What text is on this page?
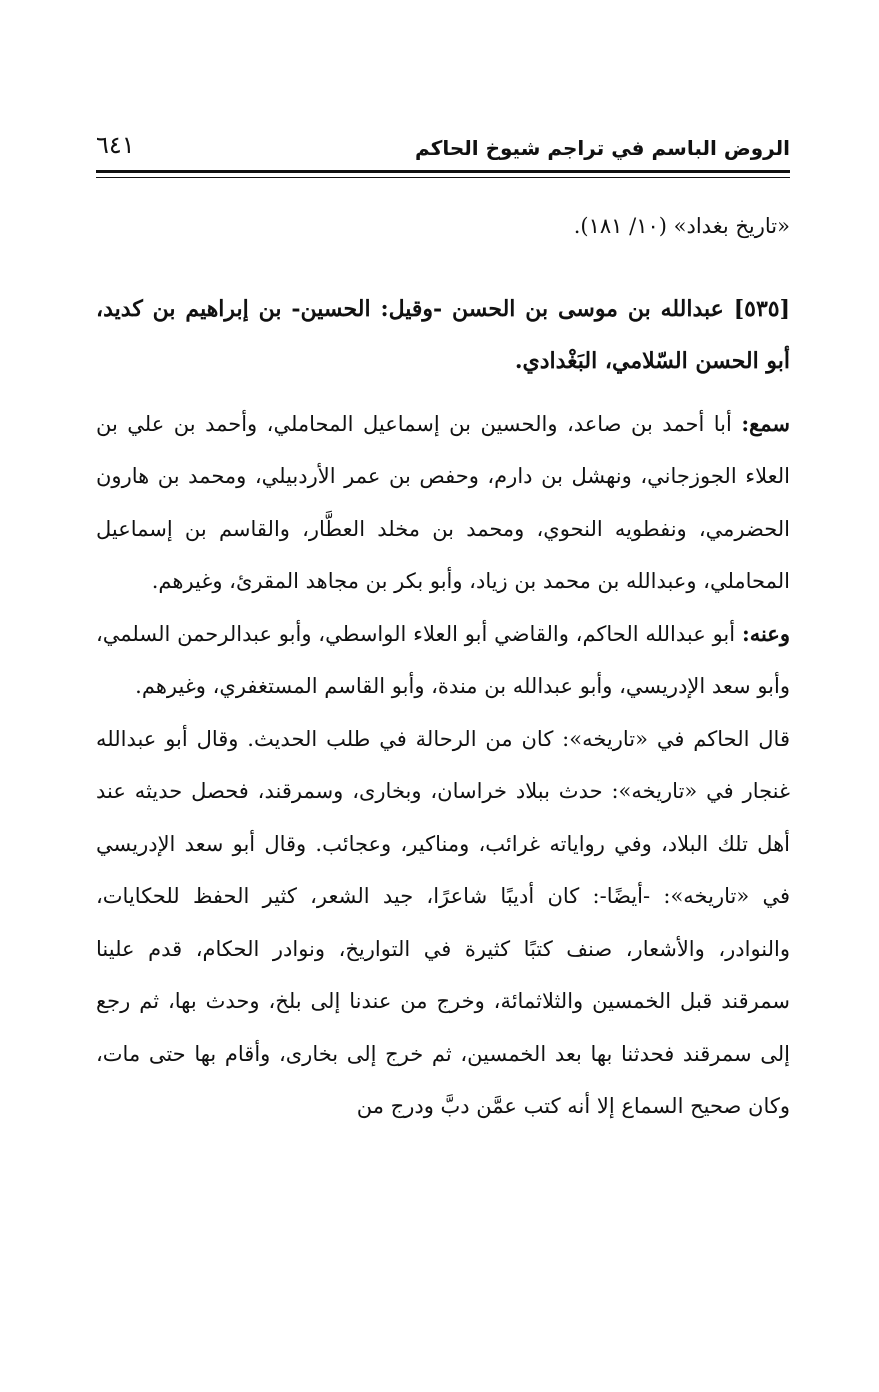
الروض الباسم في تراجم شيوخ الحاكم
٦٤١

«تاريخ بغداد» (١٠/ ١٨١).

[٥٣٥] عبدالله بن موسى بن الحسن -وقيل: الحسين- بن إبراهيم بن كديد، أبو الحسن السّلامي، البَغْدادي.

سمع: أبا أحمد بن صاعد، والحسين بن إسماعيل المحاملي، وأحمد بن علي بن العلاء الجوزجاني، ونهشل بن دارم، وحفص بن عمر الأردبيلي، ومحمد بن هارون الحضرمي، ونفطويه النحوي، ومحمد بن مخلد العطَّار، والقاسم بن إسماعيل المحاملي، وعبدالله بن محمد بن زياد، وأبو بكر بن مجاهد المقرئ، وغيرهم.

وعنه: أبو عبدالله الحاكم، والقاضي أبو العلاء الواسطي، وأبو عبدالرحمن السلمي، وأبو سعد الإدريسي، وأبو عبدالله بن مندة، وأبو القاسم المستغفري، وغيرهم.

قال الحاكم في «تاريخه»: كان من الرحالة في طلب الحديث. وقال أبو عبدالله غنجار في «تاريخه»: حدث ببلاد خراسان، وبخارى، وسمرقند، فحصل حديثه عند أهل تلك البلاد، وفي رواياته غرائب، ومناكير، وعجائب. وقال أبو سعد الإدريسي في «تاريخه»: -أيضًا-: كان أديبًا شاعرًا، جيد الشعر، كثير الحفظ للحكايات، والنوادر، والأشعار، صنف كتبًا كثيرة في التواريخ، ونوادر الحكام، قدم علينا سمرقند قبل الخمسين والثلاثمائة، وخرج من عندنا إلى بلخ، وحدث بها، ثم رجع إلى سمرقند فحدثنا بها بعد الخمسين، ثم خرج إلى بخارى، وأقام بها حتى مات، وكان صحيح السماع إلا أنه كتب عمَّن دبَّ ودرج من
